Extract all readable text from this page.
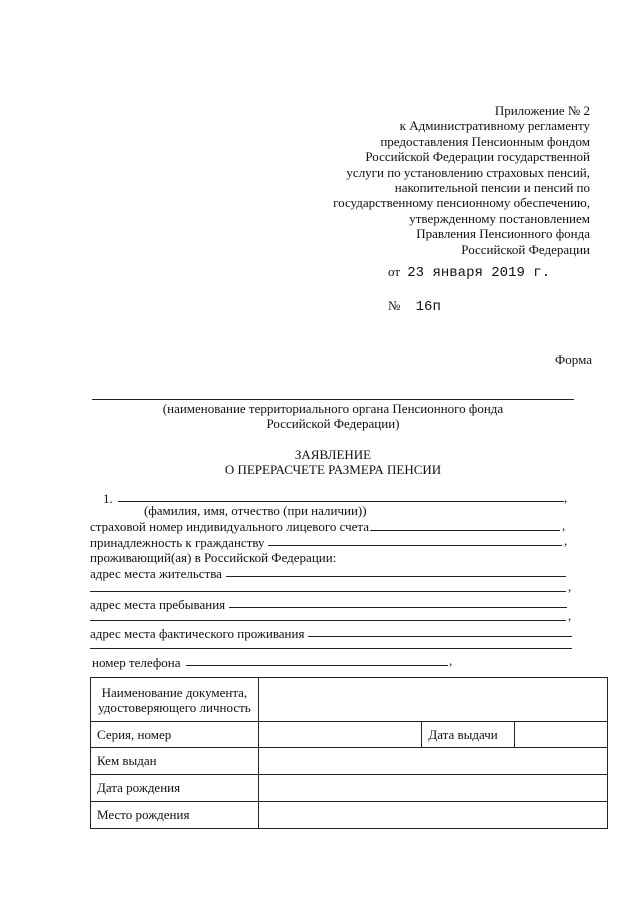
Приложение № 2
к Административному регламенту
предоставления Пенсионным фондом
Российской Федерации государственной
услуги по установлению страховых пенсий,
накопительной пенсии и пенсий по
государственному пенсионному обеспечению,
утвержденному постановлением
Правления Пенсионного фонда
Российской Федерации
от 23 января 2019 г.
№ 16п
Форма
(наименование территориального органа Пенсионного фонда
Российской Федерации)
ЗАЯВЛЕНИЕ
О ПЕРЕРАСЧЕТЕ РАЗМЕРА ПЕНСИИ
1.	,
(фамилия, имя, отчество (при наличии))
страховой номер индивидуального лицевого счета	,
принадлежность к гражданству	,
проживающий(ая) в Российской Федерации:
адрес места жительства
,
адрес места пребывания
,
адрес места фактического проживания
номер телефона	,
Наименование документа,
удостоверяющего личность			

Серия, номер		Дата выдачи	
Кем выдан			
Дата рождения			
Место рождения			
